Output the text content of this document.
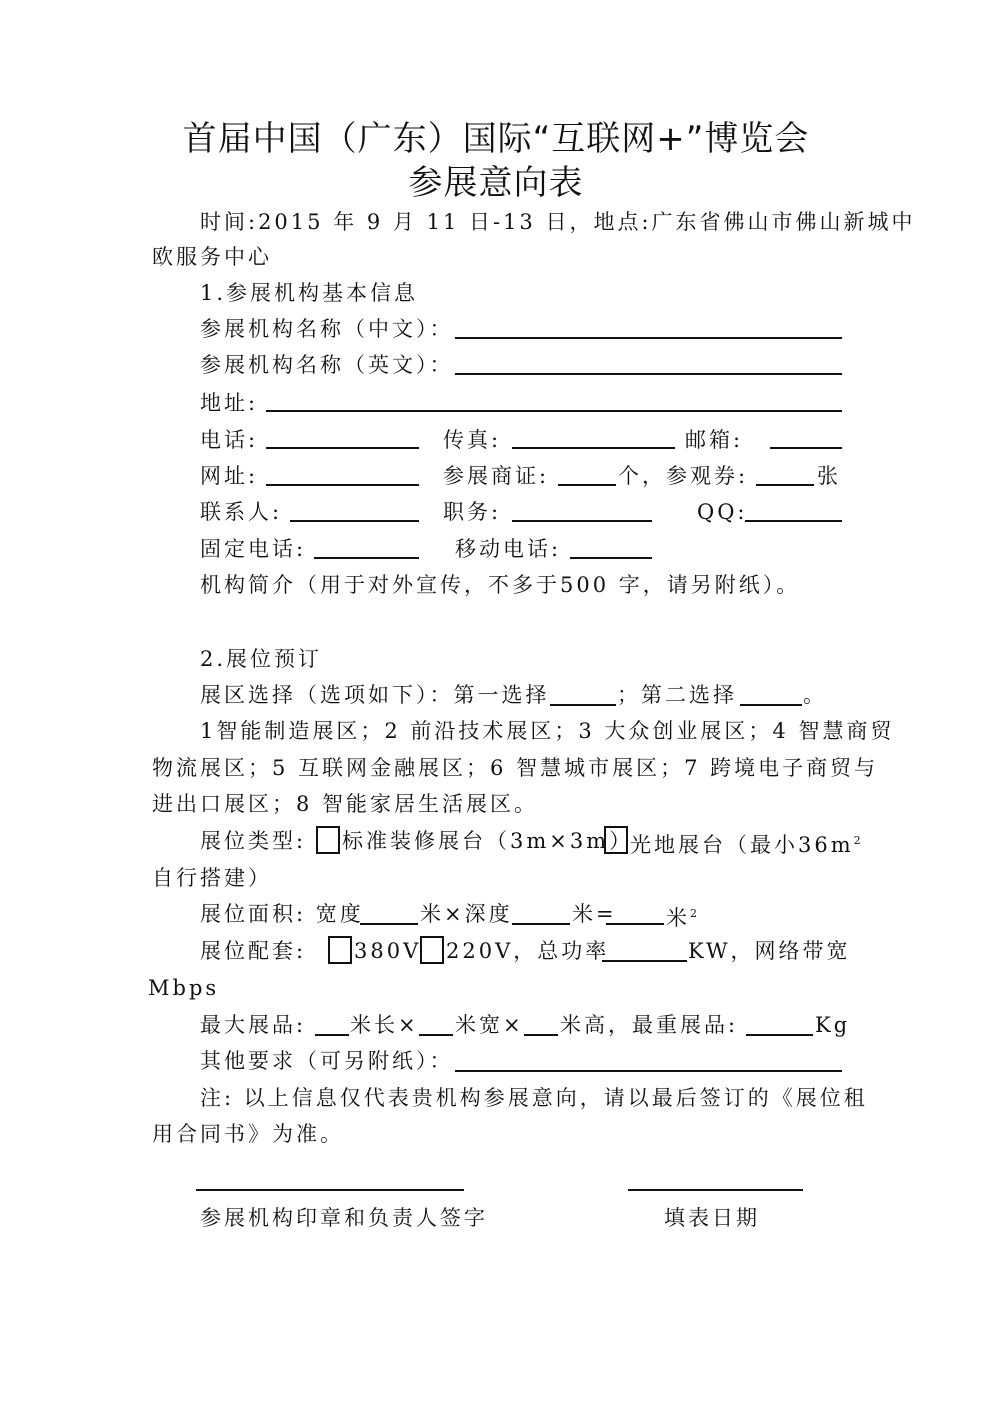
首届中国（广东）国际“互联网+”博览会
参展意向表
时间:2015 年 9 月 11 日-13 日，地点:广东省佛山市佛山新城中
欧服务中心
1.参展机构基本信息
参展机构名称（中文）：
参展机构名称（英文）：
地址:
电话:	传真:	邮箱:
网址:	参展商证:	个， 参观券:	张
联系人:	职务:	QQ:
固定电话:	移动电话:
机构简介（用于对外宣传，不多于500 字，请另附纸）。
2.展位预订
展区选择（选项如下）：第一选择	；第二选择	。
1智能制造展区；2 前沿技术展区；3 大众创业展区；4 智慧商贸
物流展区；5 互联网金融展区；6 智慧城市展区；7 跨境电子商贸与
进出口展区；8 智能家居生活展区。
展位类型: 标准装修展台（3m×3m）
光地展台（最小$36m^2$
自行搭建）
展位面积: 宽度	米×深度	米= 米$^2$
展位配套: 380V 220V，总功率	KW，网络带宽
Mbps
最大展品: 米长× 米宽× 米高，最重展品:	Kg
其他要求（可另附纸）：
注: 以上信息仅代表贵机构参展意向，请以最后签订的《展位租
用合同书》为准。
参展机构印章和负责人签字	填表日期
